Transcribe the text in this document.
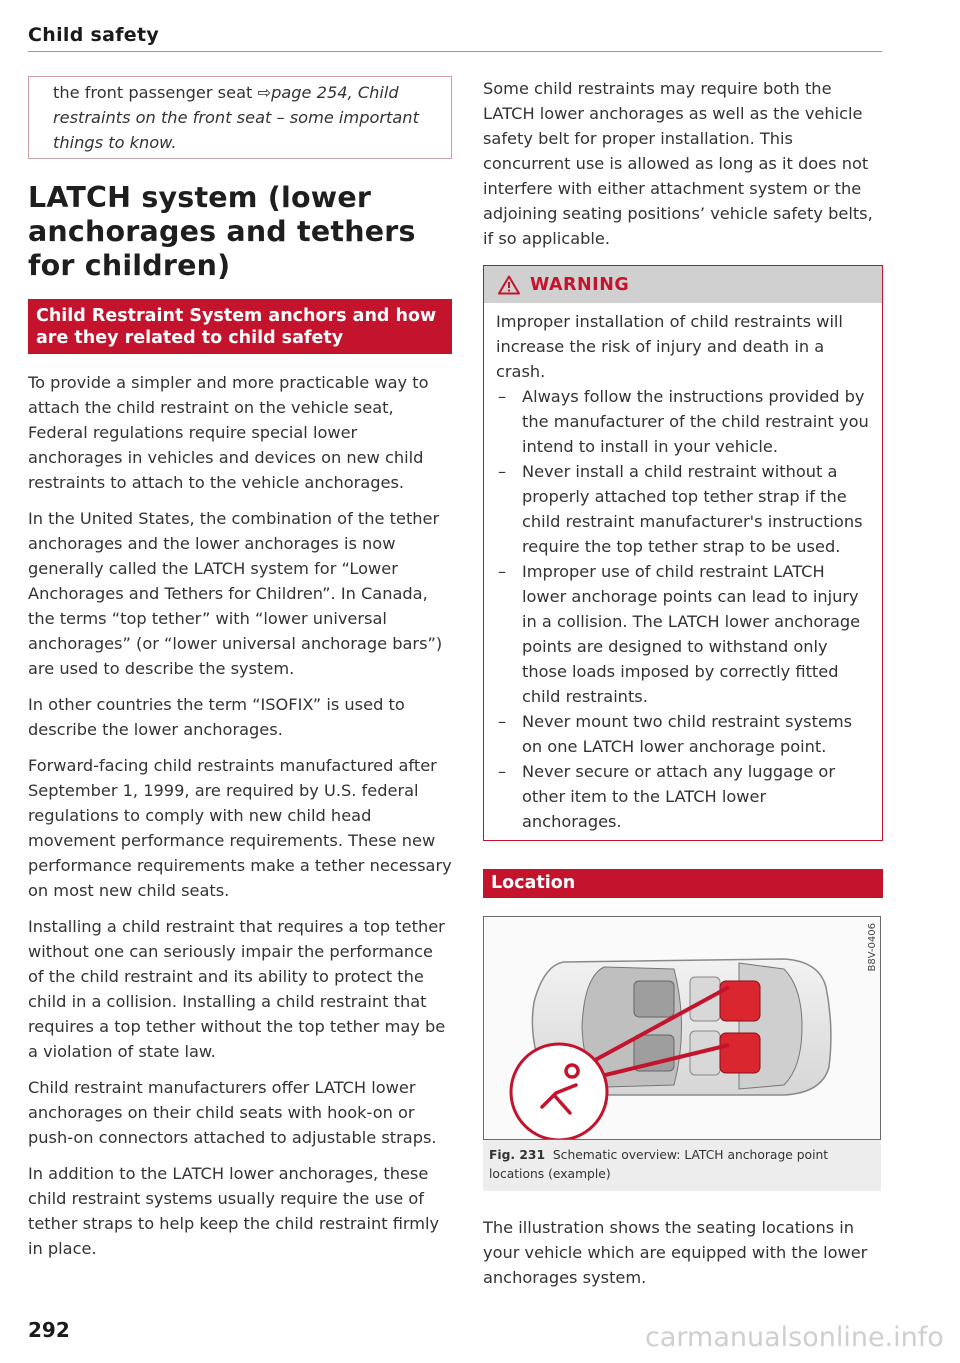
Child safety

the front passenger seat ⇨page 254, Child restraints on the front seat – some important things to know.

LATCH system (lower anchorages and tethers for children)
Child Restraint System anchors and how are they related to child safety

To provide a simpler and more practicable way to attach the child restraint on the vehicle seat, Federal regulations require special lower anchorages in vehicles and devices on new child restraints to attach to the vehicle anchorages.

In the United States, the combination of the tether anchorages and the lower anchorages is now generally called the LATCH system for “Lower Anchorages and Tethers for Children”. In Canada, the terms “top tether” with “lower universal anchorages” (or “lower universal anchorage bars”) are used to describe the system.

In other countries the term “ISOFIX” is used to describe the lower anchorages.

Forward-facing child restraints manufactured after September 1, 1999, are required by U.S. federal regulations to comply with new child head movement performance requirements. These new performance requirements make a tether necessary on most new child seats.

Installing a child restraint that requires a top tether without one can seriously impair the performance of the child restraint and its ability to protect the child in a collision. Installing a child restraint that requires a top tether without the top tether may be a violation of state law.

Child restraint manufacturers offer LATCH lower anchorages on their child seats with hook-on or push-on connectors attached to adjustable straps.

In addition to the LATCH lower anchorages, these child restraint systems usually require the use of tether straps to help keep the child restraint firmly in place.

Some child restraints may require both the LATCH lower anchorages as well as the vehicle safety belt for proper installation. This concurrent use is allowed as long as it does not interfere with either attachment system or the adjoining seating positions’ vehicle safety belts, if so applicable.

WARNING

Improper installation of child restraints will increase the risk of injury and death in a crash.

– Always follow the instructions provided by the manufacturer of the child restraint you intend to install in your vehicle.
– Never install a child restraint without a properly attached top tether strap if the child restraint manufacturer's instructions require the top tether strap to be used.
– Improper use of child restraint LATCH lower anchorage points can lead to injury in a collision. The LATCH lower anchorage points are designed to withstand only those loads imposed by correctly fitted child restraints.
– Never mount two child restraint systems on one LATCH lower anchorage point.
– Never secure or attach any luggage or other item to the LATCH lower anchorages.
Location
B8V-0406
Fig. 231 Schematic overview: LATCH anchorage point locations (example)

The illustration shows the seating locations in your vehicle which are equipped with the lower anchorages system.

292	carmanualsonline.info
